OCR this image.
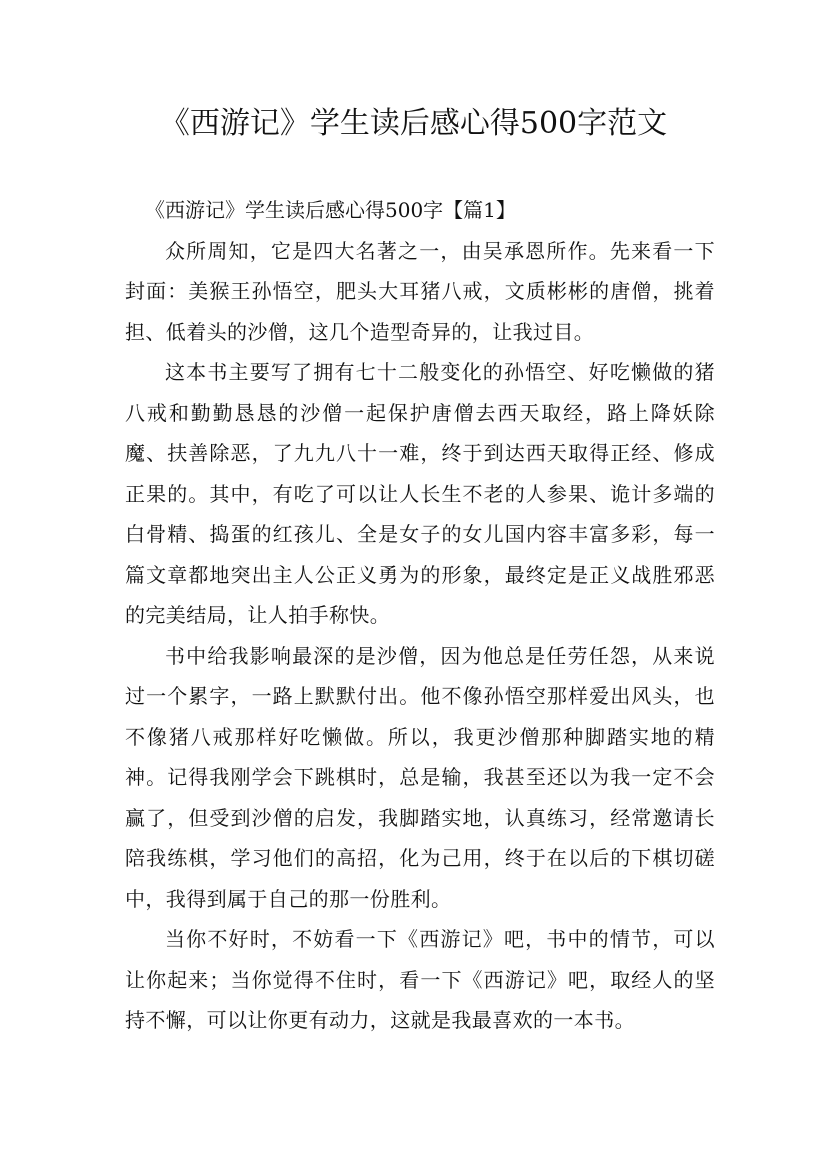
《西游记》学生读后感心得500字范文

《西游记》学生读后感心得500字【篇1】

众所周知，它是四大名著之一，由吴承恩所作。先来看一下封面：美猴王孙悟空，肥头大耳猪八戒，文质彬彬的唐僧，挑着担、低着头的沙僧，这几个造型奇异的，让我过目。

这本书主要写了拥有七十二般变化的孙悟空、好吃懒做的猪八戒和勤勤恳恳的沙僧一起保护唐僧去西天取经，路上降妖除魔、扶善除恶，了九九八十一难，终于到达西天取得正经、修成正果的。其中，有吃了可以让人长生不老的人参果、诡计多端的白骨精、捣蛋的红孩儿、全是女子的女儿国内容丰富多彩，每一篇文章都地突出主人公正义勇为的形象，最终定是正义战胜邪恶的完美结局，让人拍手称快。

书中给我影响最深的是沙僧，因为他总是任劳任怨，从来说过一个累字，一路上默默付出。他不像孙悟空那样爱出风头，也不像猪八戒那样好吃懒做。所以，我更沙僧那种脚踏实地的精神。记得我刚学会下跳棋时，总是输，我甚至还以为我一定不会赢了，但受到沙僧的启发，我脚踏实地，认真练习，经常邀请长陪我练棋，学习他们的高招，化为己用，终于在以后的下棋切磋中，我得到属于自己的那一份胜利。

当你不好时，不妨看一下《西游记》吧，书中的情节，可以让你起来；当你觉得不住时，看一下《西游记》吧，取经人的坚持不懈，可以让你更有动力，这就是我最喜欢的一本书。
